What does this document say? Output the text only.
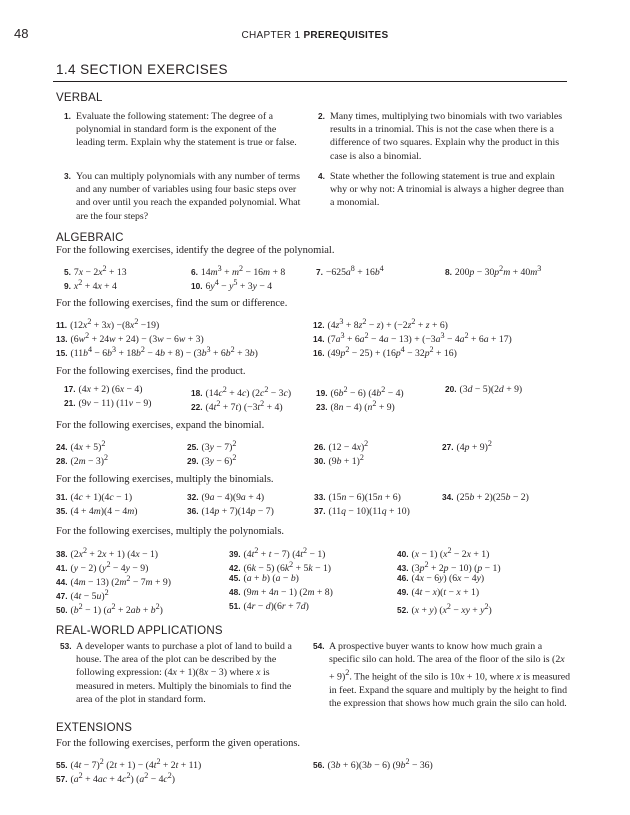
48	CHAPTER 1 PREREQUISITES
1.4 SECTION EXERCISES
VERBAL
1. Evaluate the following statement: The degree of a polynomial in standard form is the exponent of the leading term. Explain why the statement is true or false.
2. Many times, multiplying two binomials with two variables results in a trinomial. This is not the case when there is a difference of two squares. Explain why the product in this case is also a binomial.
3. You can multiply polynomials with any number of terms and any number of variables using four basic steps over and over until you reach the expanded polynomial. What are the four steps?
4. State whether the following statement is true and explain why or why not: A trinomial is always a higher degree than a monomial.
ALGEBRAIC
For the following exercises, identify the degree of the polynomial.
5. $7x - 2x^2 + 13$	6. $14m^3 + m^2 - 16m + 8$	7. $-625a^8 + 16b^4$	8. $200p - 30p^2m + 40m^3$
9. $x^2 + 4x + 4$	10. $6y^4 - y^5 + 3y - 4$
For the following exercises, find the sum or difference.
11. $(12x^2 + 3x) -(8x^2 -19)$	12. $(4z^3 + 8z^2 - z) + (-2z^2 + z + 6)$
13. $(6w^2 + 24w + 24) - (3w - 6w + 3)$	14. $(7a^3 + 6a^2 - 4a - 13) + (-3a^3 - 4a^2 + 6a + 17)$
15. $(11b^4 - 6b^3 + 18b^2 - 4b + 8) - (3b^3 + 6b^2 + 3b)$	16. $(49p^2 - 25) + (16p^4 - 32p^2 + 16)$
For the following exercises, find the product.
17. (4x + 2) (6x − 4)	18. $(14c^2 + 4c) (2c^2 - 3c)$	19. $(6b^2 - 6) (4b^2 - 4)$	20. (3d − 5)(2d + 9)
21. (9v − 11) (11v − 9)	22. $(4t^2 + 7t) (-3t^2 + 4)$	23. (8n − 4) $(n^2 + 9)$
For the following exercises, expand the binomial.
24. $(4x + 5)^2$	25. $(3y - 7)^2$	26. $(12 - 4x)^2$	27. $(4p + 9)^2$
28. $(2m - 3)^2$	29. $(3y - 6)^2$	30. $(9b + 1)^2$
For the following exercises, multiply the binomials.
31. (4c + 1)(4c − 1)	32. (9a − 4)(9a + 4)	33. (15n − 6)(15n + 6)	34. (25b + 2)(25b − 2)
35. (4 + 4m)(4 − 4m)	36. (14p + 7)(14p − 7)	37. (11q − 10)(11q + 10)
For the following exercises, multiply the polynomials.
38. $(2x^2 + 2x + 1) (4x - 1)$	39. $(4t^2 + t - 7) (4t^2 - 1)$	40. (x − 1) $(x^2 - 2x + 1)$
41. (y − 2) $(y^2 - 4y - 9)$	42. (6k − 5) $(6k^2 + 5k - 1)$	43. $(3p^2 + 2p - 10) (p - 1)$
44. (4m − 13) $(2m^2 - 7m + 9)$	45. (a + b) (a − b)	46. (4x − 6y) (6x − 4y)
47. $(4t - 5u)^2$	48. (9m + 4n − 1) (2m + 8)	49. (4t − x)(t − x + 1)
50. $(b^2 - 1) (a^2 + 2ab + b^2)$	51. (4r − d)(6r + 7d)	52. (x + y) ($x^2$ − xy + $y^2$)
REAL-WORLD APPLICATIONS
53. A developer wants to purchase a plot of land to build a house. The area of the plot can be described by the following expression: (4x + 1)(8x − 3) where x is measured in meters. Multiply the binomials to find the area of the plot in standard form.
54. A prospective buyer wants to know how much grain a specific silo can hold. The area of the floor of the silo is $(2x + 9)^2$. The height of the silo is 10x + 10, where x is measured in feet. Expand the square and multiply by the height to find the expression that shows how much grain the silo can hold.
EXTENSIONS
For the following exercises, perform the given operations.
55. $(4t - 7)^2$ $(2t + 1) - (4t^2 + 2t + 11)$	56. (3b + 6)(3b − 6) $(9b^2 - 36)$
57. $(a^2 + 4ac + 4c^2) (a^2 - 4c^2)$
